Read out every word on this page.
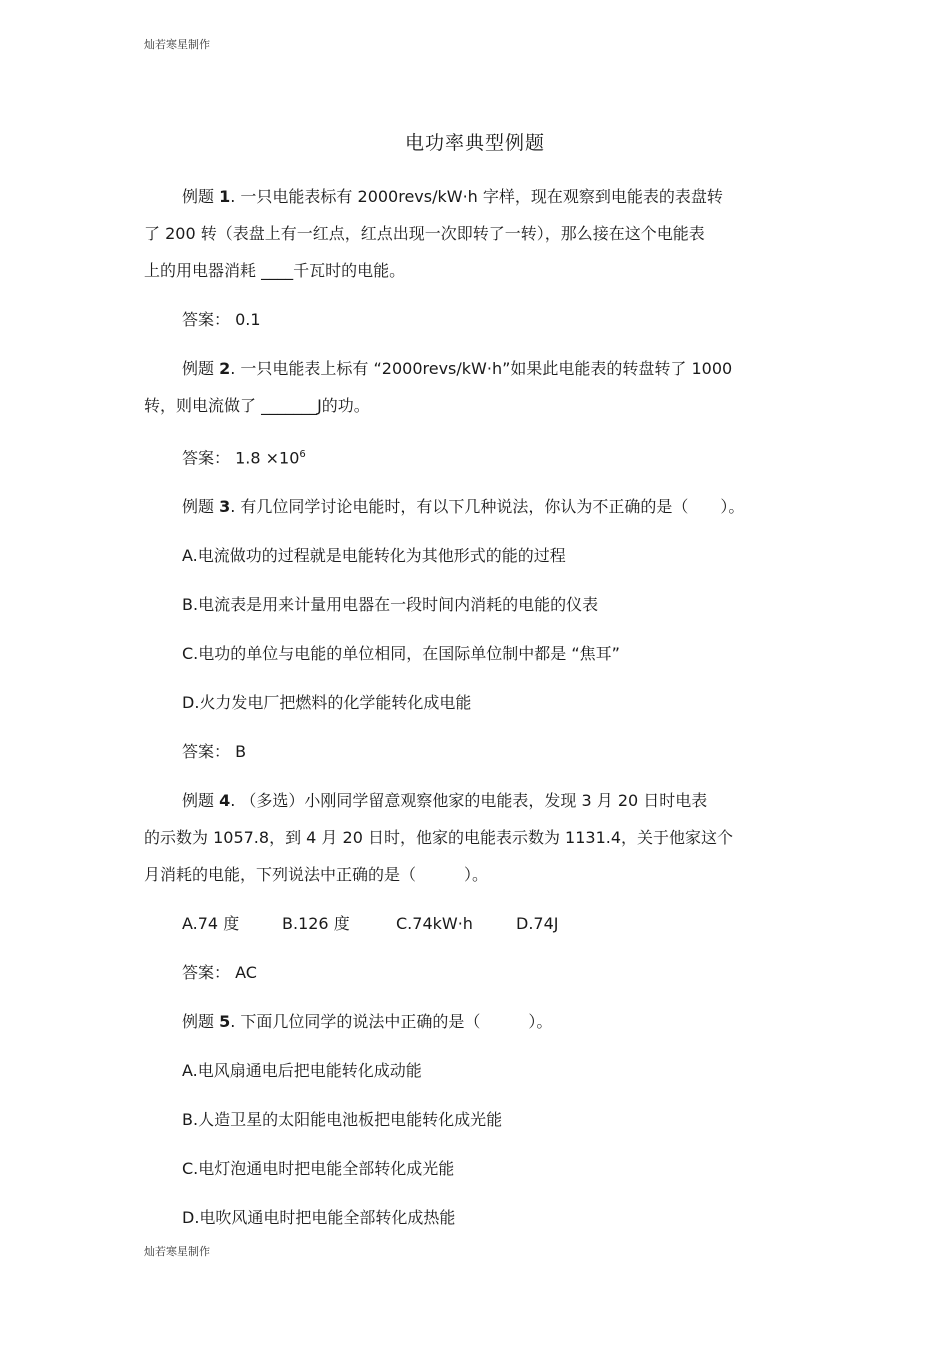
灿若寒星制作
电功率典型例题

例题 1. 一只电能表标有 2000revs/kW·h 字样，现在观察到电能表的表盘转

了 200 转（表盘上有一红点，红点出现一次即转了一转），那么接在这个电能表

上的用电器消耗 ____千瓦时的电能。

答案： 0.1

例题 2. 一只电能表上标有 “2000revs/kW·h”如果此电能表的转盘转了 1000

转，则电流做了 _______J的功。

答案： $1.8 \times 10^6$

例题 3. 有几位同学讨论电能时，有以下几种说法，你认为不正确的是（　　）。

A.电流做功的过程就是电能转化为其他形式的能的过程

B.电流表是用来计量用电器在一段时间内消耗的电能的仪表

C.电功的单位与电能的单位相同，在国际单位制中都是 “焦耳”

D.火力发电厂把燃料的化学能转化成电能

答案： B

例题 4. （多选）小刚同学留意观察他家的电能表，发现 3 月 20 日时电表

的示数为 1057.8，到 4 月 20 日时，他家的电能表示数为 1131.4，关于他家这个

月消耗的电能，下列说法中正确的是（　　　）。

A.74 度	B.126 度	C.74kW·h	D.74J

答案： AC

例题 5. 下面几位同学的说法中正确的是（　　　）。

A.电风扇通电后把电能转化成动能

B.人造卫星的太阳能电池板把电能转化成光能

C.电灯泡通电时把电能全部转化成光能

D.电吹风通电时把电能全部转化成热能

灿若寒星制作
